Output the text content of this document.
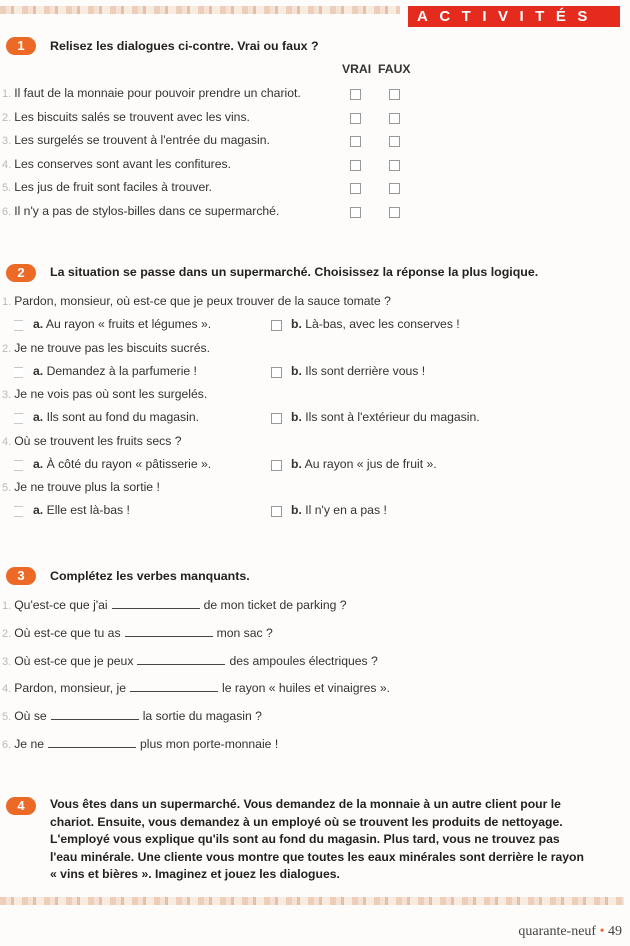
ACTIVITÉS
1	Relisez les dialogues ci-contre. Vrai ou faux ?
VRAI FAUX
1. Il faut de la monnaie pour pouvoir prendre un chariot.
2. Les biscuits salés se trouvent avec les vins.
3. Les surgelés se trouvent à l'entrée du magasin.
4. Les conserves sont avant les confitures.
5. Les jus de fruit sont faciles à trouver.
6. Il n'y a pas de stylos-billes dans ce supermarché.
2	La situation se passe dans un supermarché. Choisissez la réponse la plus logique.
1. Pardon, monsieur, où est-ce que je peux trouver de la sauce tomate ?
a. Au rayon « fruits et légumes ».	b. Là-bas, avec les conserves !
2. Je ne trouve pas les biscuits sucrés.
a. Demandez à la parfumerie !	b. Ils sont derrière vous !
3. Je ne vois pas où sont les surgelés.
a. Ils sont au fond du magasin.	b. Ils sont à l'extérieur du magasin.
4. Où se trouvent les fruits secs ?
a. À côté du rayon « pâtisserie ».	b. Au rayon « jus de fruit ».
5. Je ne trouve plus la sortie !
a. Elle est là-bas !	b. Il n'y en a pas !
3	Complétez les verbes manquants.
1. Qu'est-ce que j'ai	de mon ticket de parking ?
2. Où est-ce que tu as	mon sac ?
3. Où est-ce que je peux	des ampoules électriques ?
4. Pardon, monsieur, je	le rayon « huiles et vinaigres ».
5. Où se	la sortie du magasin ?
6. Je ne	plus mon porte-monnaie !
4	Vous êtes dans un supermarché. Vous demandez de la monnaie à un autre client pour le chariot. Ensuite, vous demandez à un employé où se trouvent les produits de nettoyage. L'employé vous explique qu'ils sont au fond du magasin. Plus tard, vous ne trouvez pas l'eau minérale. Une cliente vous montre que toutes les eaux minérales sont derrière le rayon « vins et bières ». Imaginez et jouez les dialogues.
quarante-neuf • 49
